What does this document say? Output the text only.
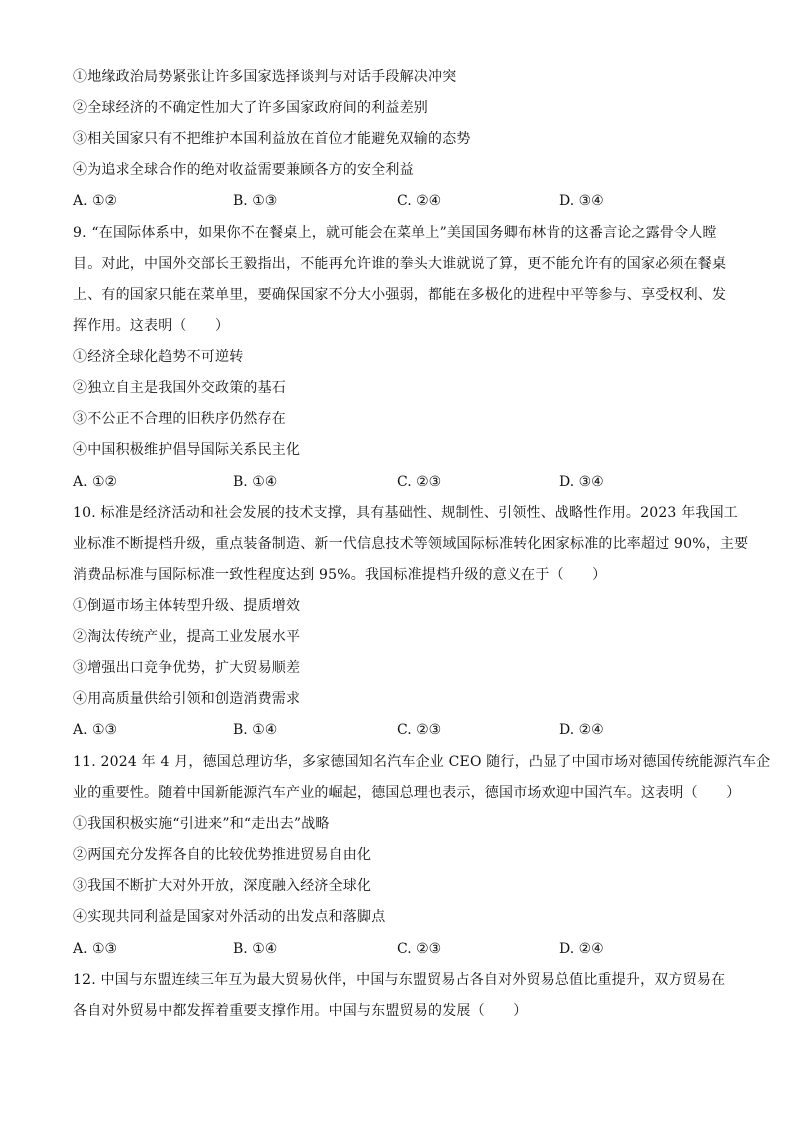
①地缘政治局势紧张让许多国家选择谈判与对话手段解决冲突
②全球经济的不确定性加大了许多国家政府间的利益差别
③相关国家只有不把维护本国利益放在首位才能避免双输的态势
④为追求全球合作的绝对收益需要兼顾各方的安全利益
A. ①②	B. ①③	C. ②④	D. ③④
9. “在国际体系中，如果你不在餐桌上，就可能会在菜单上”美国国务卿布林肯的这番言论之露骨令人瞠
目。对此，中国外交部长王毅指出，不能再允许谁的拳头大谁就说了算，更不能允许有的国家必须在餐桌
上、有的国家只能在菜单里，要确保国家不分大小强弱，都能在多极化的进程中平等参与、享受权利、发
挥作用。这表明（　　）
①经济全球化趋势不可逆转
②独立自主是我国外交政策的基石
③不公正不合理的旧秩序仍然存在
④中国积极维护倡导国际关系民主化
A. ①②	B. ①④	C. ②③	D. ③④
10. 标准是经济活动和社会发展的技术支撑，具有基础性、规制性、引领性、战略性作用。2023 年我国工
业标准不断提档升级，重点装备制造、新一代信息技术等领域国际标准转化困家标准的比率超过 90%，主要
消费品标准与国际标准一致性程度达到 95%。我国标准提档升级的意义在于（　　）
①倒逼市场主体转型升级、提质增效
②淘汰传统产业，提高工业发展水平
③增强出口竞争优势，扩大贸易顺差
④用高质量供给引领和创造消费需求
A. ①③	B. ①④	C. ②③	D. ②④
11. 2024 年 4 月，德国总理访华，多家德国知名汽车企业 CEO 随行，凸显了中国市场对德国传统能源汽车企
业的重要性。随着中国新能源汽车产业的崛起，德国总理也表示，德国市场欢迎中国汽车。这表明（　　）
①我国积极实施“引进来”和“走出去”战略
②两国充分发挥各自的比较优势推进贸易自由化
③我国不断扩大对外开放，深度融入经济全球化
④实现共同利益是国家对外活动的出发点和落脚点
A. ①③	B. ①④	C. ②③	D. ②④
12. 中国与东盟连续三年互为最大贸易伙伴，中国与东盟贸易占各自对外贸易总值比重提升，双方贸易在
各自对外贸易中都发挥着重要支撑作用。中国与东盟贸易的发展（　　）
